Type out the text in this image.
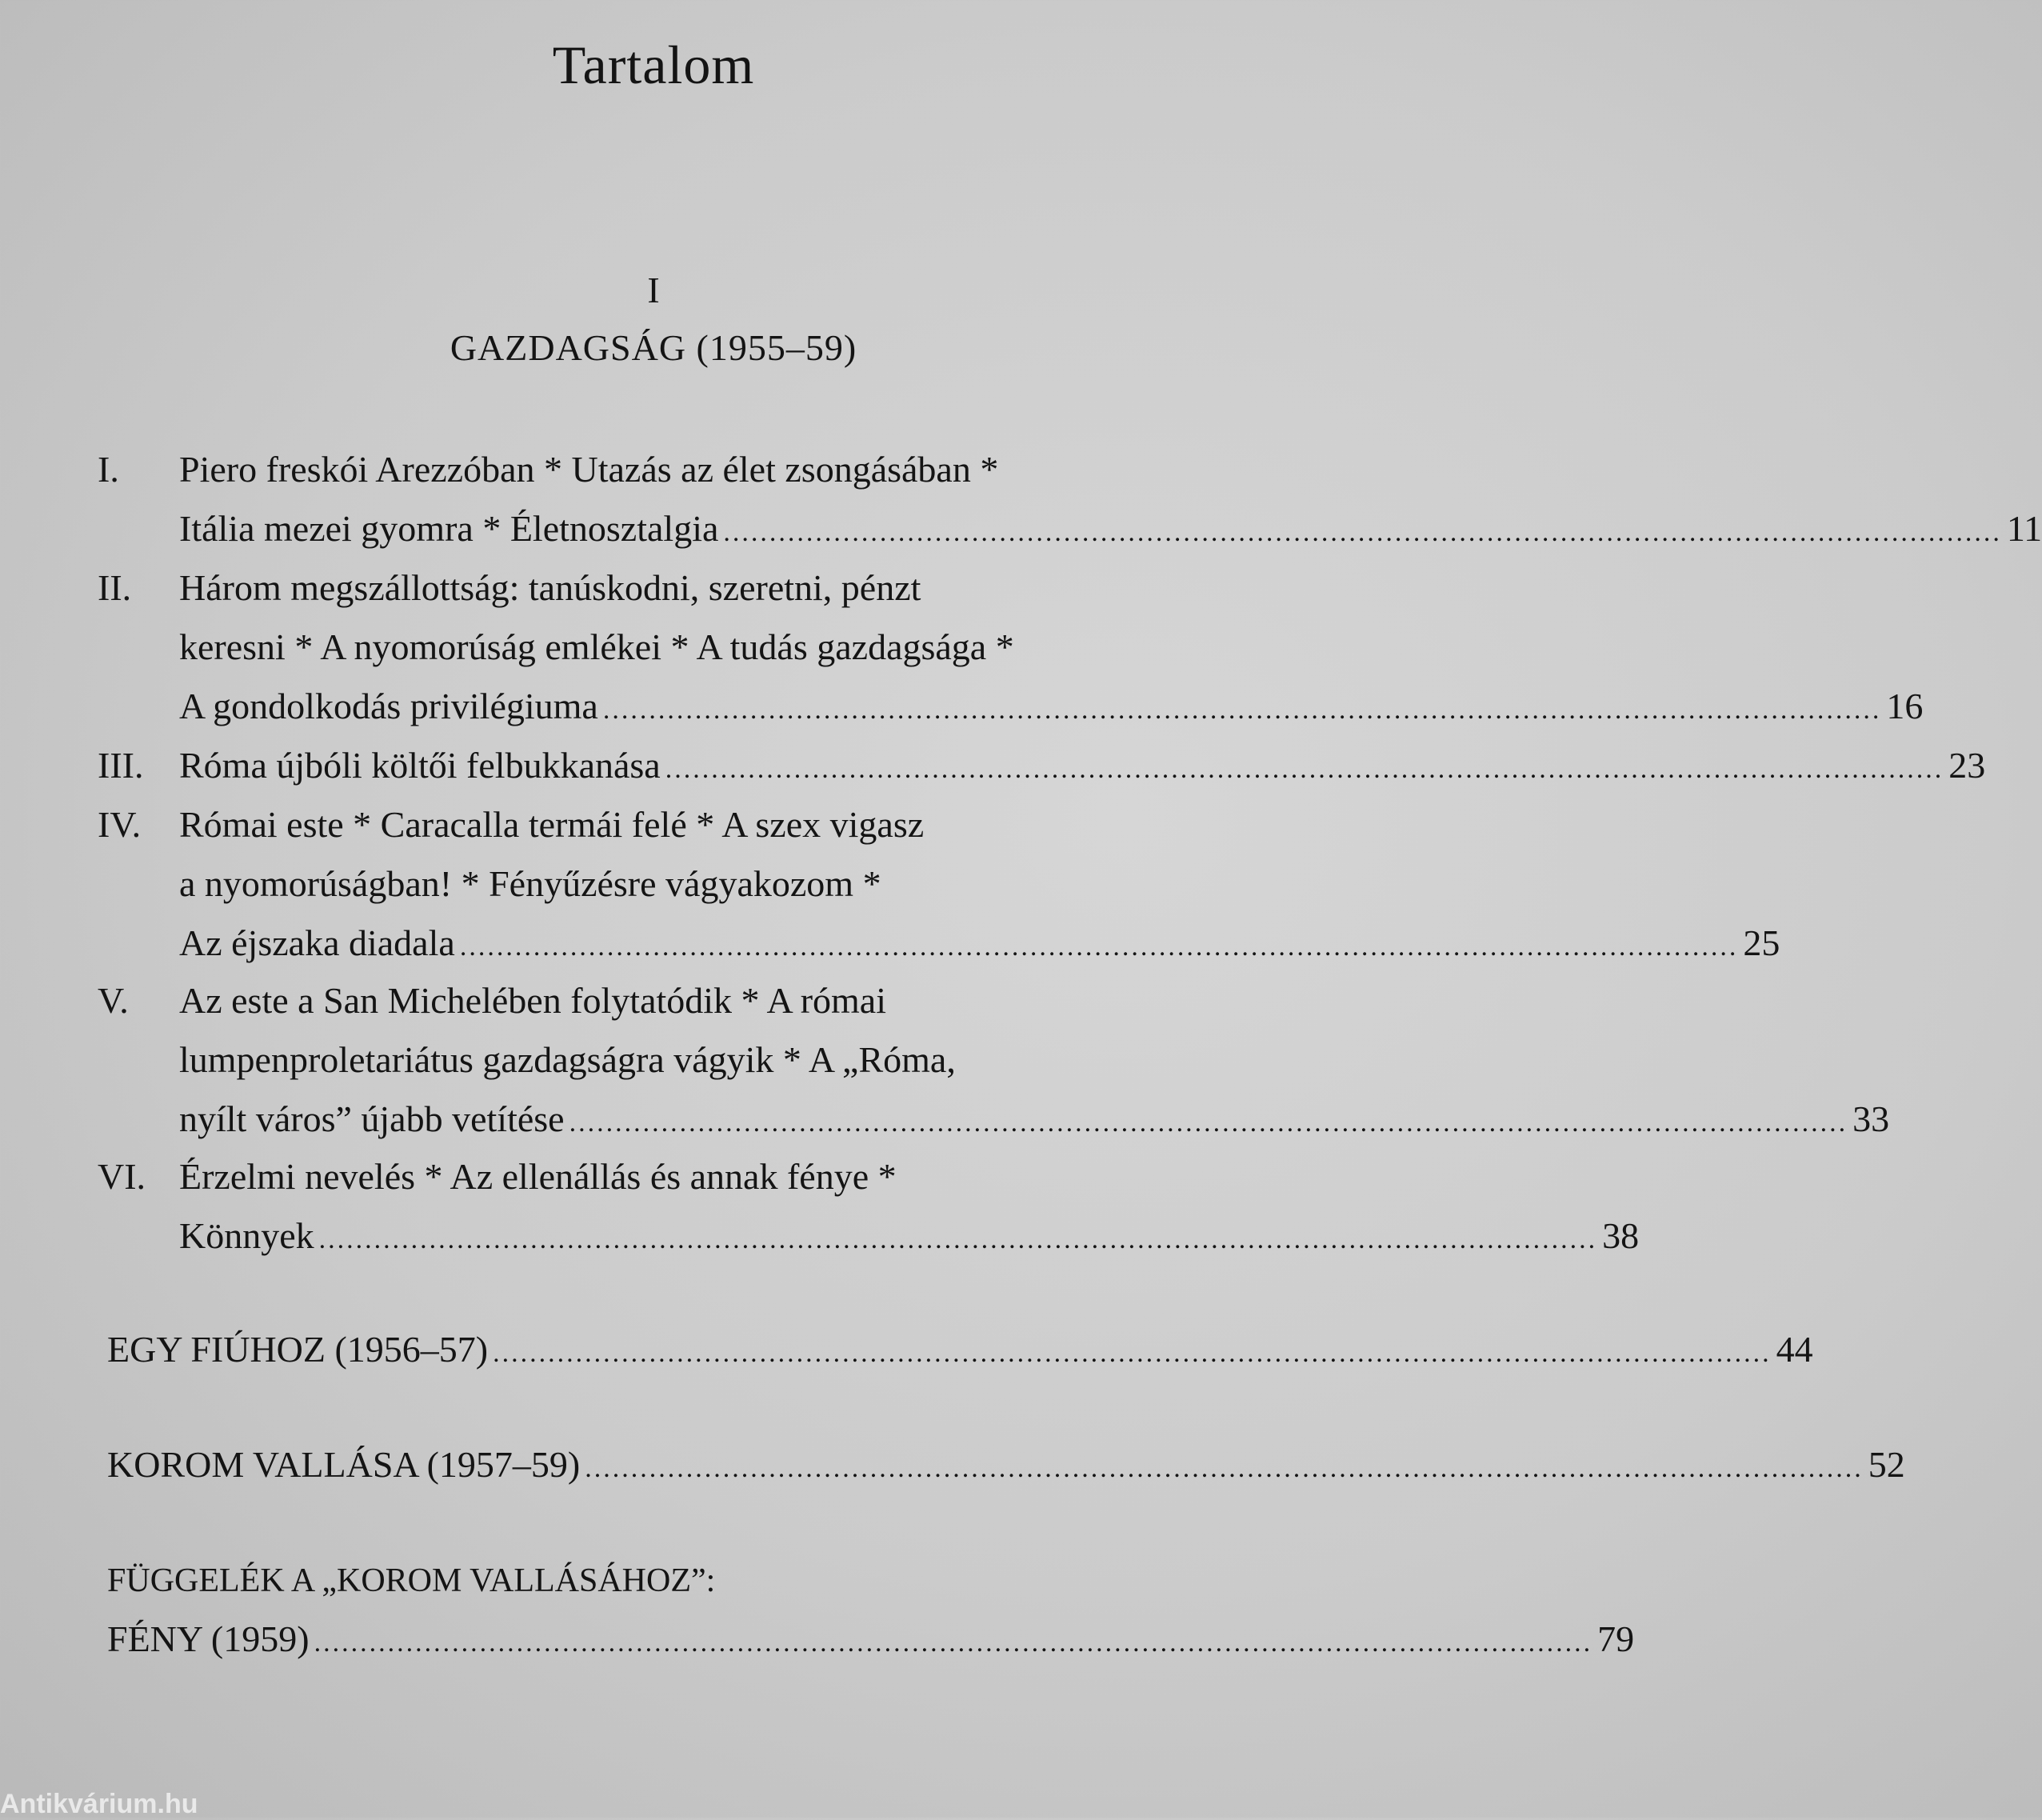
Tartalom
I
GAZDAGSÁG (1955–59)
I. Piero freskói Arezzóban * Utazás az élet zsongásában *
Itália mezei gyomra * Életnosztalgia ........................................................................................................................................... 11
II. Három megszállottság: tanúskodni, szeretni, pénzt
keresni * A nyomorúság emlékei * A tudás gazdagsága *
A gondolkodás privilégiuma ........................................................................................................................................... 16
III. Róma újbóli költői felbukkanása ........................................................................................................................................... 23
IV. Római este * Caracalla termái felé * A szex vigasz
a nyomorúságban! * Fényűzésre vágyakozom *
Az éjszaka diadala ........................................................................................................................................... 25
V. Az este a San Michelében folytatódik * A római
lumpenproletariátus gazdagságra vágyik * A „Róma,
nyílt város” újabb vetítése ........................................................................................................................................... 33
VI. Érzelmi nevelés * Az ellenállás és annak fénye *
Könnyek ........................................................................................................................................... 38
EGY FIÚHOZ (1956–57) ........................................................................................................................................... 44
KOROM VALLÁSA (1957–59) ........................................................................................................................................... 52
FÜGGELÉK A „KOROM VALLÁSÁHOZ”:
FÉNY (1959) ........................................................................................................................................... 79
Antikvárium.hu
